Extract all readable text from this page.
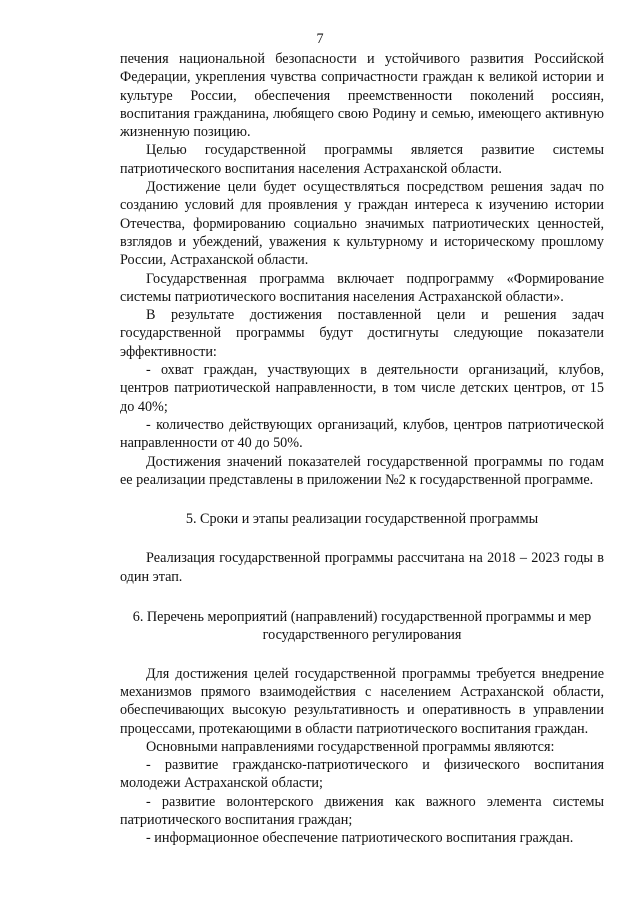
7

печения национальной безопасности и устойчивого развития Российской Федерации, укрепления чувства сопричастности граждан к великой истории и культуре России, обеспечения преемственности поколений россиян, воспитания гражданина, любящего свою Родину и семью, имеющего активную жизненную позицию.

Целью государственной программы является развитие системы патриотического воспитания населения Астраханской области.

Достижение цели будет осуществляться посредством решения задач по созданию условий для проявления у граждан интереса к изучению истории Отечества, формированию социально значимых патриотических ценностей, взглядов и убеждений, уважения к культурному и историческому прошлому России, Астраханской области.

Государственная программа включает подпрограмму «Формирование системы патриотического воспитания населения Астраханской области».

В результате достижения поставленной цели и решения задач государственной программы будут достигнуты следующие показатели эффективности:

- охват граждан, участвующих в деятельности организаций, клубов, центров патриотической направленности, в том числе детских центров, от 15 до 40%;

- количество действующих организаций, клубов, центров патриотической направленности от 40 до 50%.

Достижения значений показателей государственной программы по годам ее реализации представлены в приложении №2 к государственной программе.

5. Сроки и этапы реализации государственной программы

Реализация государственной программы рассчитана на 2018 – 2023 годы в один этап.

6. Перечень мероприятий (направлений) государственной программы и мер государственного регулирования

Для достижения целей государственной программы требуется внедрение механизмов прямого взаимодействия с населением Астраханской области, обеспечивающих высокую результативность и оперативность в управлении процессами, протекающими в области патриотического воспитания граждан.

Основными направлениями государственной программы являются:

- развитие гражданско-патриотического и физического воспитания молодежи Астраханской области;

- развитие волонтерского движения как важного элемента системы патриотического воспитания граждан;

- информационное обеспечение патриотического воспитания граждан.
